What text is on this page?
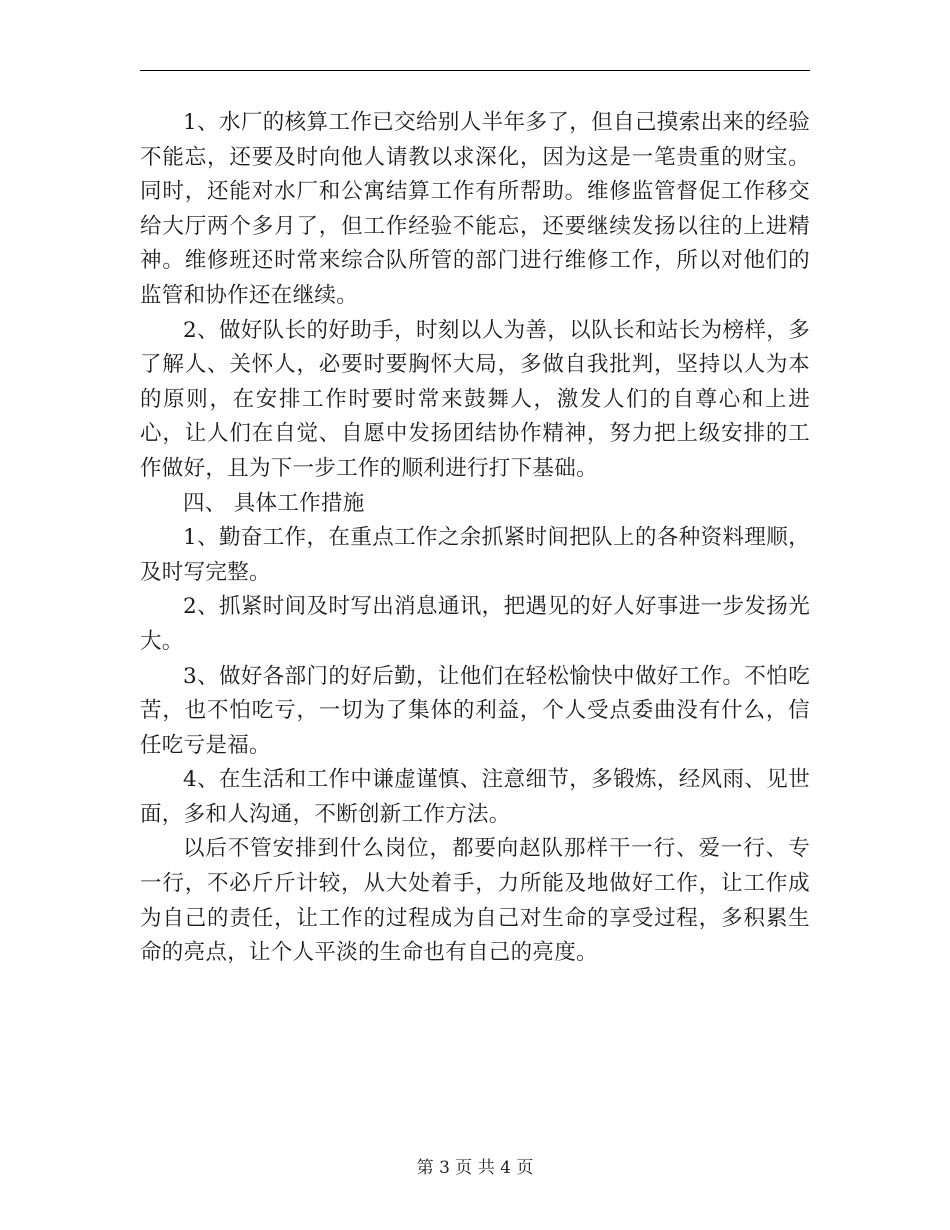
1、水厂的核算工作已交给别人半年多了，但自己摸索出来的经验不能忘，还要及时向他人请教以求深化，因为这是一笔贵重的财宝。同时，还能对水厂和公寓结算工作有所帮助。维修监管督促工作移交给大厅两个多月了，但工作经验不能忘，还要继续发扬以往的上进精神。维修班还时常来综合队所管的部门进行维修工作，所以对他们的监管和协作还在继续。

2、做好队长的好助手，时刻以人为善，以队长和站长为榜样，多了解人、关怀人，必要时要胸怀大局，多做自我批判，坚持以人为本的原则，在安排工作时要时常来鼓舞人，激发人们的自尊心和上进心，让人们在自觉、自愿中发扬团结协作精神，努力把上级安排的工作做好，且为下一步工作的顺利进行打下基础。

四、 具体工作措施

1、勤奋工作，在重点工作之余抓紧时间把队上的各种资料理顺，及时写完整。

2、抓紧时间及时写出消息通讯，把遇见的好人好事进一步发扬光大。

3、做好各部门的好后勤，让他们在轻松愉快中做好工作。不怕吃苦，也不怕吃亏，一切为了集体的利益，个人受点委曲没有什么，信任吃亏是福。

4、在生活和工作中谦虚谨慎、注意细节，多锻炼，经风雨、见世面，多和人沟通，不断创新工作方法。

以后不管安排到什么岗位，都要向赵队那样干一行、爱一行、专一行，不必斤斤计较，从大处着手，力所能及地做好工作，让工作成为自己的责任，让工作的过程成为自己对生命的享受过程，多积累生命的亮点，让个人平淡的生命也有自己的亮度。

第 3 页 共 4 页
